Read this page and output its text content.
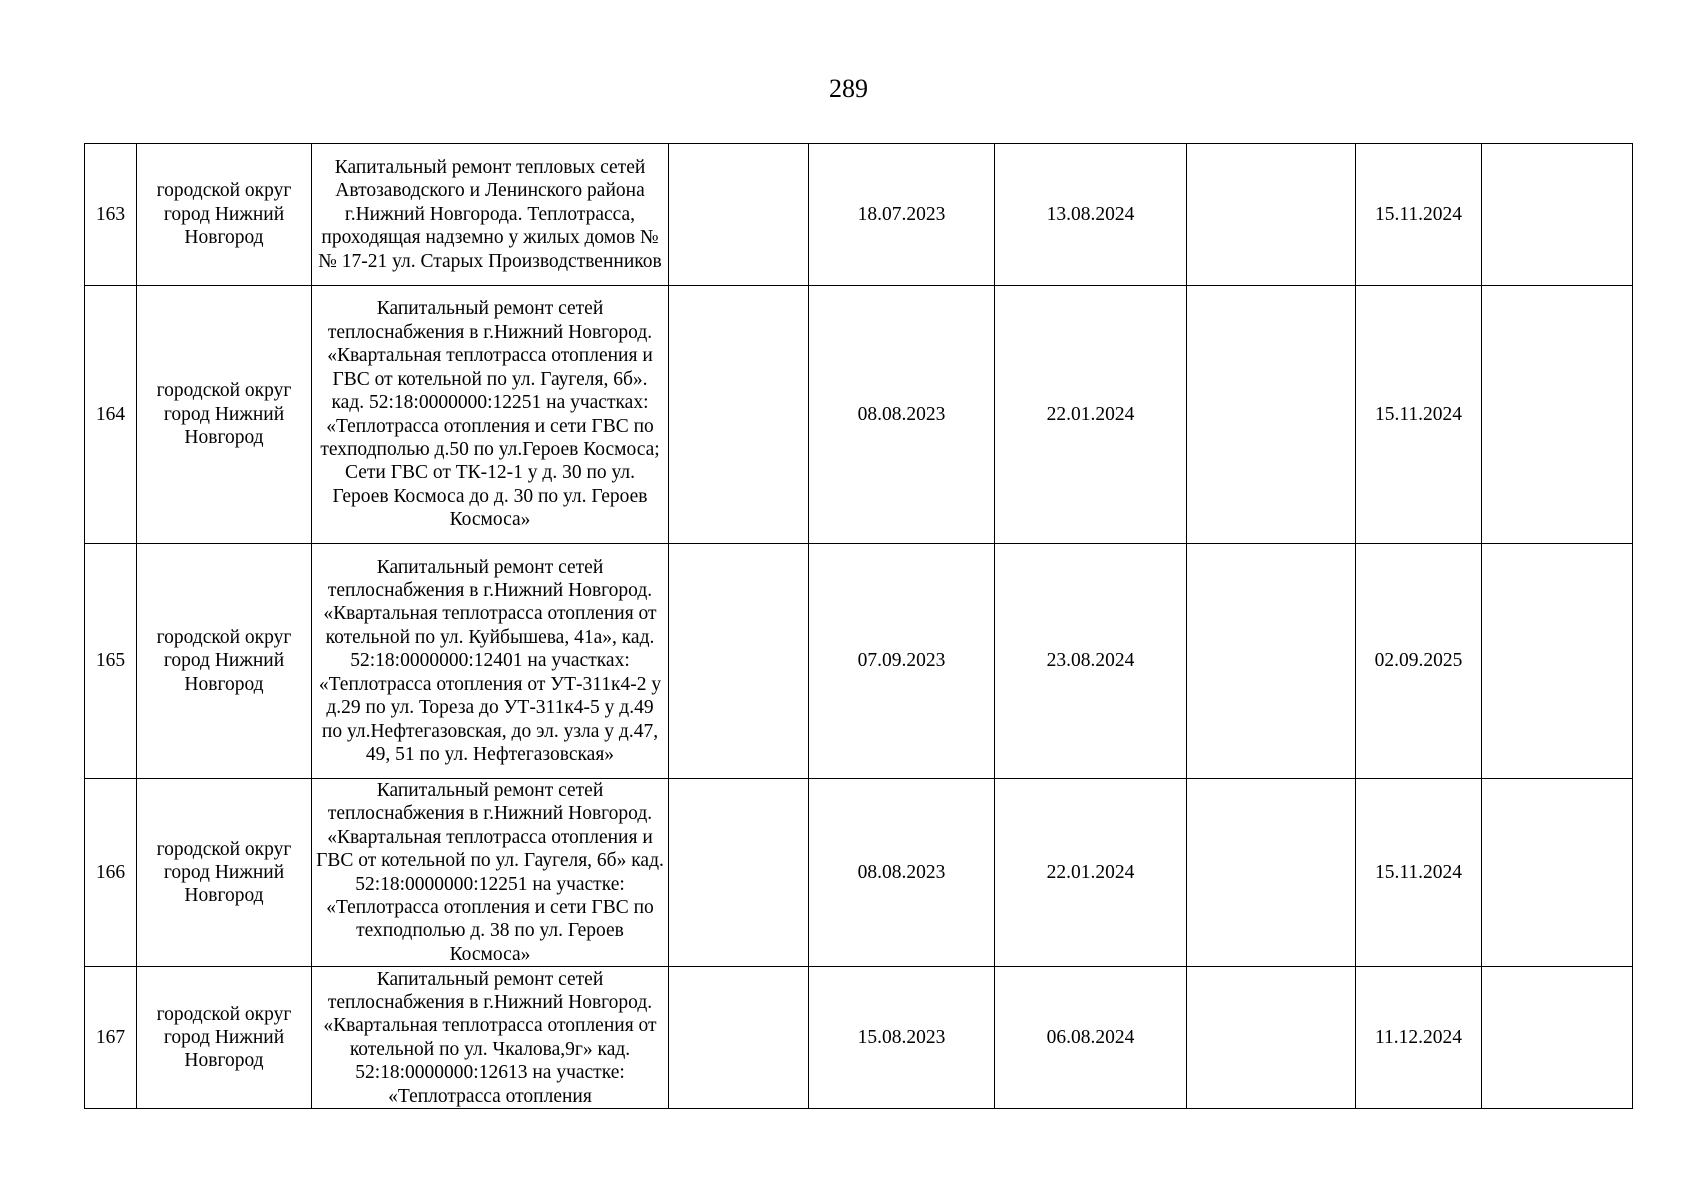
289
163	городской округ город Нижний Новгород	Капитальный ремонт тепловых сетей Автозаводского и Ленинского района г.Нижний Новгорода. Теплотрасса, проходящая надземно у жилых домов №№ 17-21 ул. Старых Производственников		18.07.2023	13.08.2024		15.11.2024	
164	городской округ город Нижний Новгород	Капитальный ремонт сетей теплоснабжения в г.Нижний Новгород. «Квартальная теплотрасса отопления и ГВС от котельной по ул. Гаугеля, 6б». кад. 52:18:0000000:12251 на участках: «Теплотрасса отопления и сети ГВС по техподполью д.50 по ул.Героев Космоса; Сети ГВС от ТК-12-1 у д. 30 по ул. Героев Космоса до д. 30 по ул. Героев Космоса»		08.08.2023	22.01.2024		15.11.2024	
165	городской округ город Нижний Новгород	Капитальный ремонт сетей теплоснабжения в г.Нижний Новгород. «Квартальная теплотрасса отопления от котельной по ул. Куйбышева, 41а», кад. 52:18:0000000:12401 на участках: «Теплотрасса отопления от УТ-311к4-2 у д.29 по ул. Тореза до УТ-311к4-5 у д.49 по ул.Нефтегазовская, до эл. узла у д.47, 49, 51 по ул. Нефтегазовская»		07.09.2023	23.08.2024		02.09.2025	
166	городской округ город Нижний Новгород	Капитальный ремонт сетей теплоснабжения в г.Нижний Новгород. «Квартальная теплотрасса отопления и ГВС от котельной по ул. Гаугеля, 6б» кад. 52:18:0000000:12251 на участке: «Теплотрасса отопления и сети ГВС по техподполью д. 38 по ул. Героев Космоса»		08.08.2023	22.01.2024		15.11.2024	
167	городской округ город Нижний Новгород	Капитальный ремонт сетей теплоснабжения в г.Нижний Новгород. «Квартальная теплотрасса отопления от котельной по ул. Чкалова,9г» кад. 52:18:0000000:12613 на участке: «Теплотрасса отопления		15.08.2023	06.08.2024		11.12.2024	
